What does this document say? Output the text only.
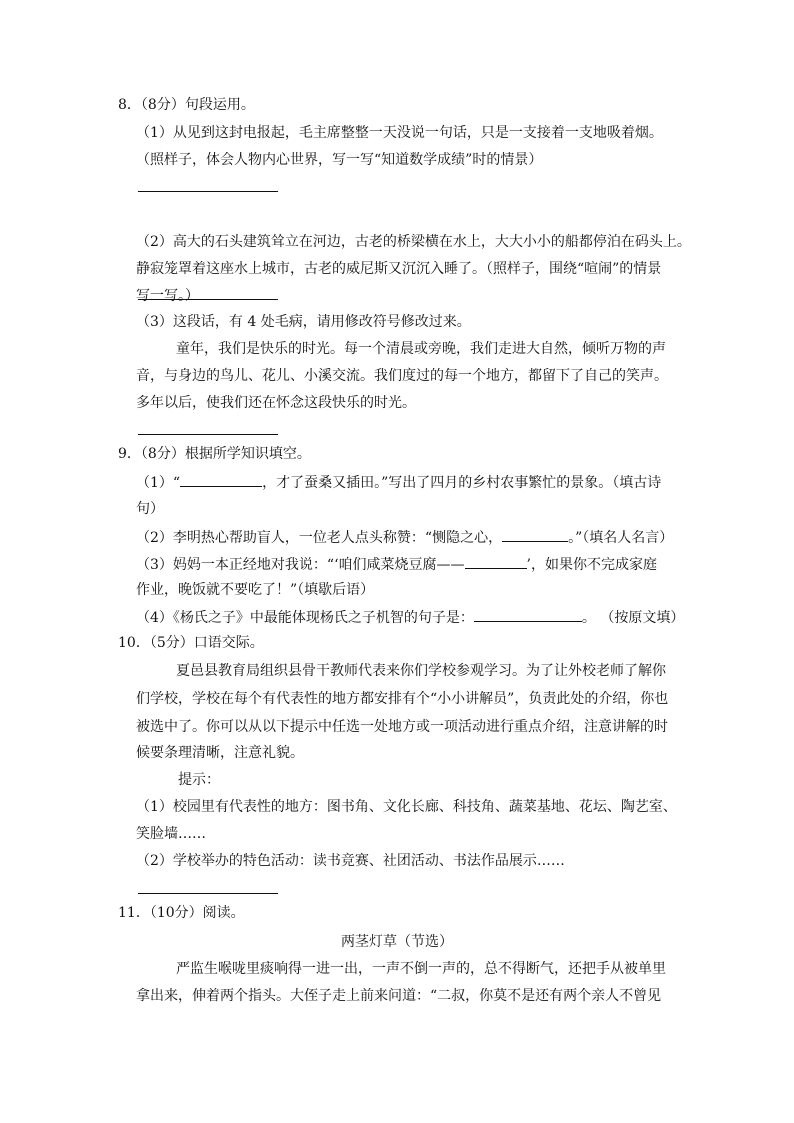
8．（8分）句段运用。
（1）从见到这封电报起，毛主席整整一天没说一句话，只是一支接着一支地吸着烟。
（照样子，体会人物内心世界，写一写“知道数学成绩”时的情景）
（2）高大的石头建筑耸立在河边，古老的桥梁横在水上，大大小小的船都停泊在码头上。
静寂笼罩着这座水上城市，古老的威尼斯又沉沉入睡了。（照样子，围绕“喧闹”的情景
写一写。）
（3）这段话，有 4 处毛病，请用修改符号修改过来。
童年，我们是快乐的时光。每一个清晨或旁晚，我们走进大自然，倾听万物的声
音，与身边的鸟儿、花儿、小溪交流。我们度过的每一个地方，都留下了自己的笑声。
多年以后，使我们还在怀念这段快乐的时光。
9．（8分）根据所学知识填空。
（1）“	，才了蚕桑又插田。”写出了四月的乡村农事繁忙的景象。（填古诗
句）
（2）李明热心帮助盲人，一位老人点头称赞：“恻隐之心，	。”（填名人名言）
（3）妈妈一本正经地对我说：“‘咱们咸菜烧豆腐——	’，如果你不完成家庭
作业，晚饭就不要吃了！”（填歇后语）
（4）《杨氏之子》中最能体现杨氏之子机智的句子是：	。 （按原文填）
10．（5分）口语交际。
夏邑县教育局组织县骨干教师代表来你们学校参观学习。为了让外校老师了解你
们学校，学校在每个有代表性的地方都安排有个“小小讲解员”，负责此处的介绍，你也
被选中了。你可以从以下提示中任选一处地方或一项活动进行重点介绍，注意讲解的时
候要条理清晰，注意礼貌。
提示：
（1）校园里有代表性的地方：图书角、文化长廊、科技角、蔬菜基地、花坛、陶艺室、
笑脸墙……
（2）学校举办的特色活动：读书竞赛、社团活动、书法作品展示……
11．（10分）阅读。
两茎灯草（节选）
严监生喉咙里痰响得一进一出，一声不倒一声的，总不得断气，还把手从被单里
拿出来，伸着两个指头。大侄子走上前来问道：“二叔，你莫不是还有两个亲人不曾见
